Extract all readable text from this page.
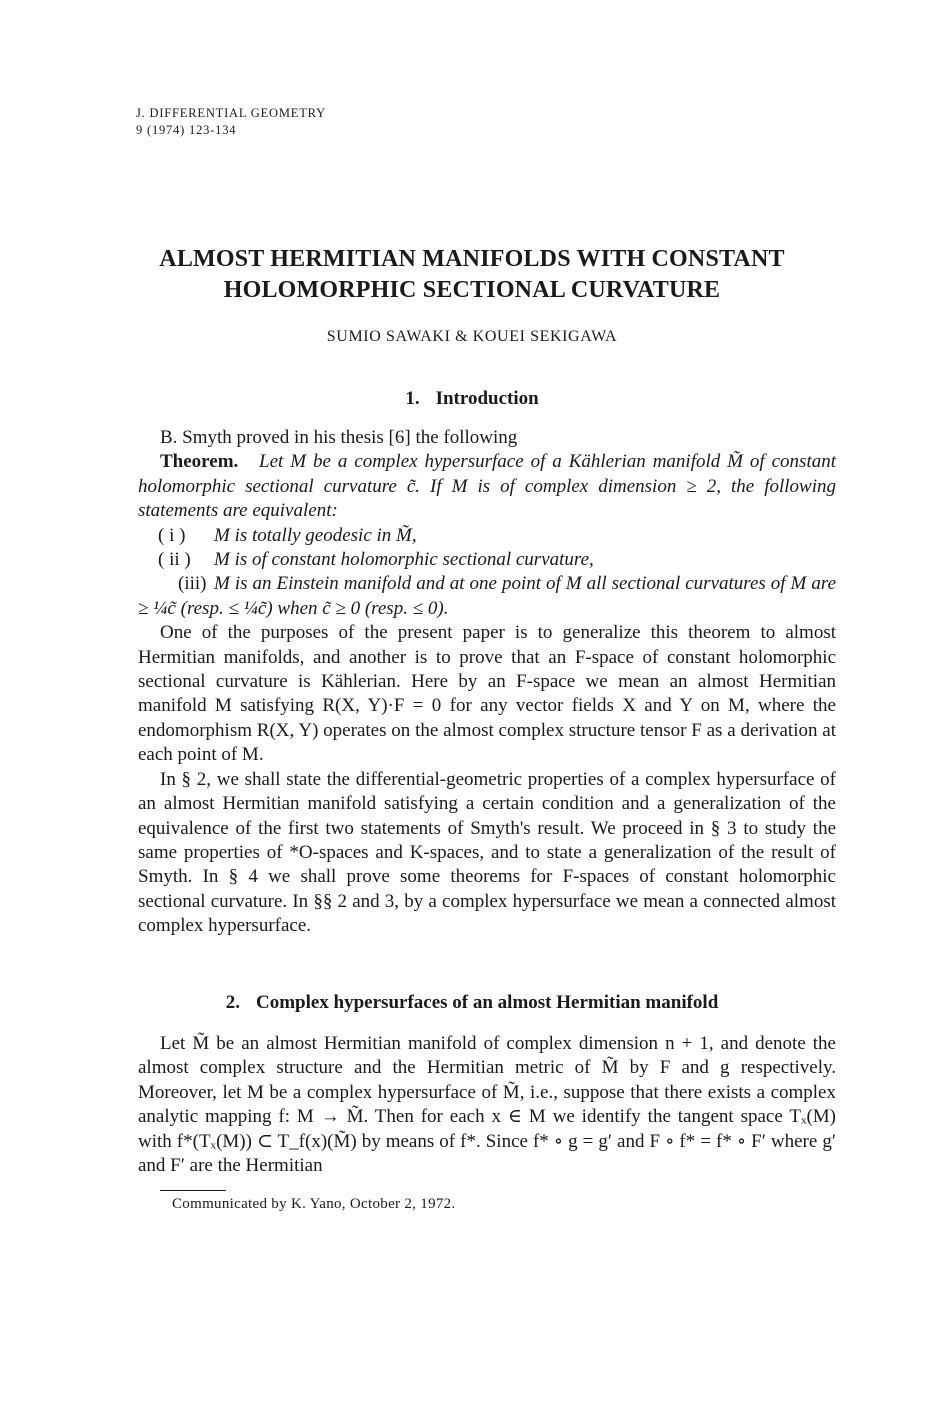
J. DIFFERENTIAL GEOMETRY
9 (1974) 123-134
ALMOST HERMITIAN MANIFOLDS WITH CONSTANT
HOLOMORPHIC SECTIONAL CURVATURE
SUMIO SAWAKI & KOUEI SEKIGAWA
1. Introduction

B. Smyth proved in his thesis [6] the following

Theorem. Let M be a complex hypersurface of a Kählerian manifold M̃ of constant holomorphic sectional curvature c̃. If M is of complex dimension ≥ 2, the following statements are equivalent:

( i ) M is totally geodesic in M̃,

( ii ) M is of constant holomorphic sectional curvature,

(iii) M is an Einstein manifold and at one point of M all sectional curvatures of M are ≥ ¼c̃ (resp. ≤ ¼c̃) when c̃ ≥ 0 (resp. ≤ 0).

One of the purposes of the present paper is to generalize this theorem to almost Hermitian manifolds, and another is to prove that an F-space of constant holomorphic sectional curvature is Kählerian. Here by an F-space we mean an almost Hermitian manifold M satisfying R(X, Y)·F = 0 for any vector fields X and Y on M, where the endomorphism R(X, Y) operates on the almost complex structure tensor F as a derivation at each point of M.

In § 2, we shall state the differential-geometric properties of a complex hypersurface of an almost Hermitian manifold satisfying a certain condition and a generalization of the equivalence of the first two statements of Smyth's result. We proceed in § 3 to study the same properties of *O-spaces and K-spaces, and to state a generalization of the result of Smyth. In § 4 we shall prove some theorems for F-spaces of constant holomorphic sectional curvature. In §§ 2 and 3, by a complex hypersurface we mean a connected almost complex hypersurface.

2. Complex hypersurfaces of an almost Hermitian manifold

Let M̃ be an almost Hermitian manifold of complex dimension n + 1, and denote the almost complex structure and the Hermitian metric of M̃ by F and g respectively. Moreover, let M be a complex hypersurface of M̃, i.e., suppose that there exists a complex analytic mapping f: M → M̃. Then for each x ∈ M we identify the tangent space Tₓ(M) with f*(Tₓ(M)) ⊂ T_f(x)(M̃) by means of f*. Since f* ∘ g = g′ and F ∘ f* = f* ∘ F′ where g′ and F′ are the Hermitian

Communicated by K. Yano, October 2, 1972.
